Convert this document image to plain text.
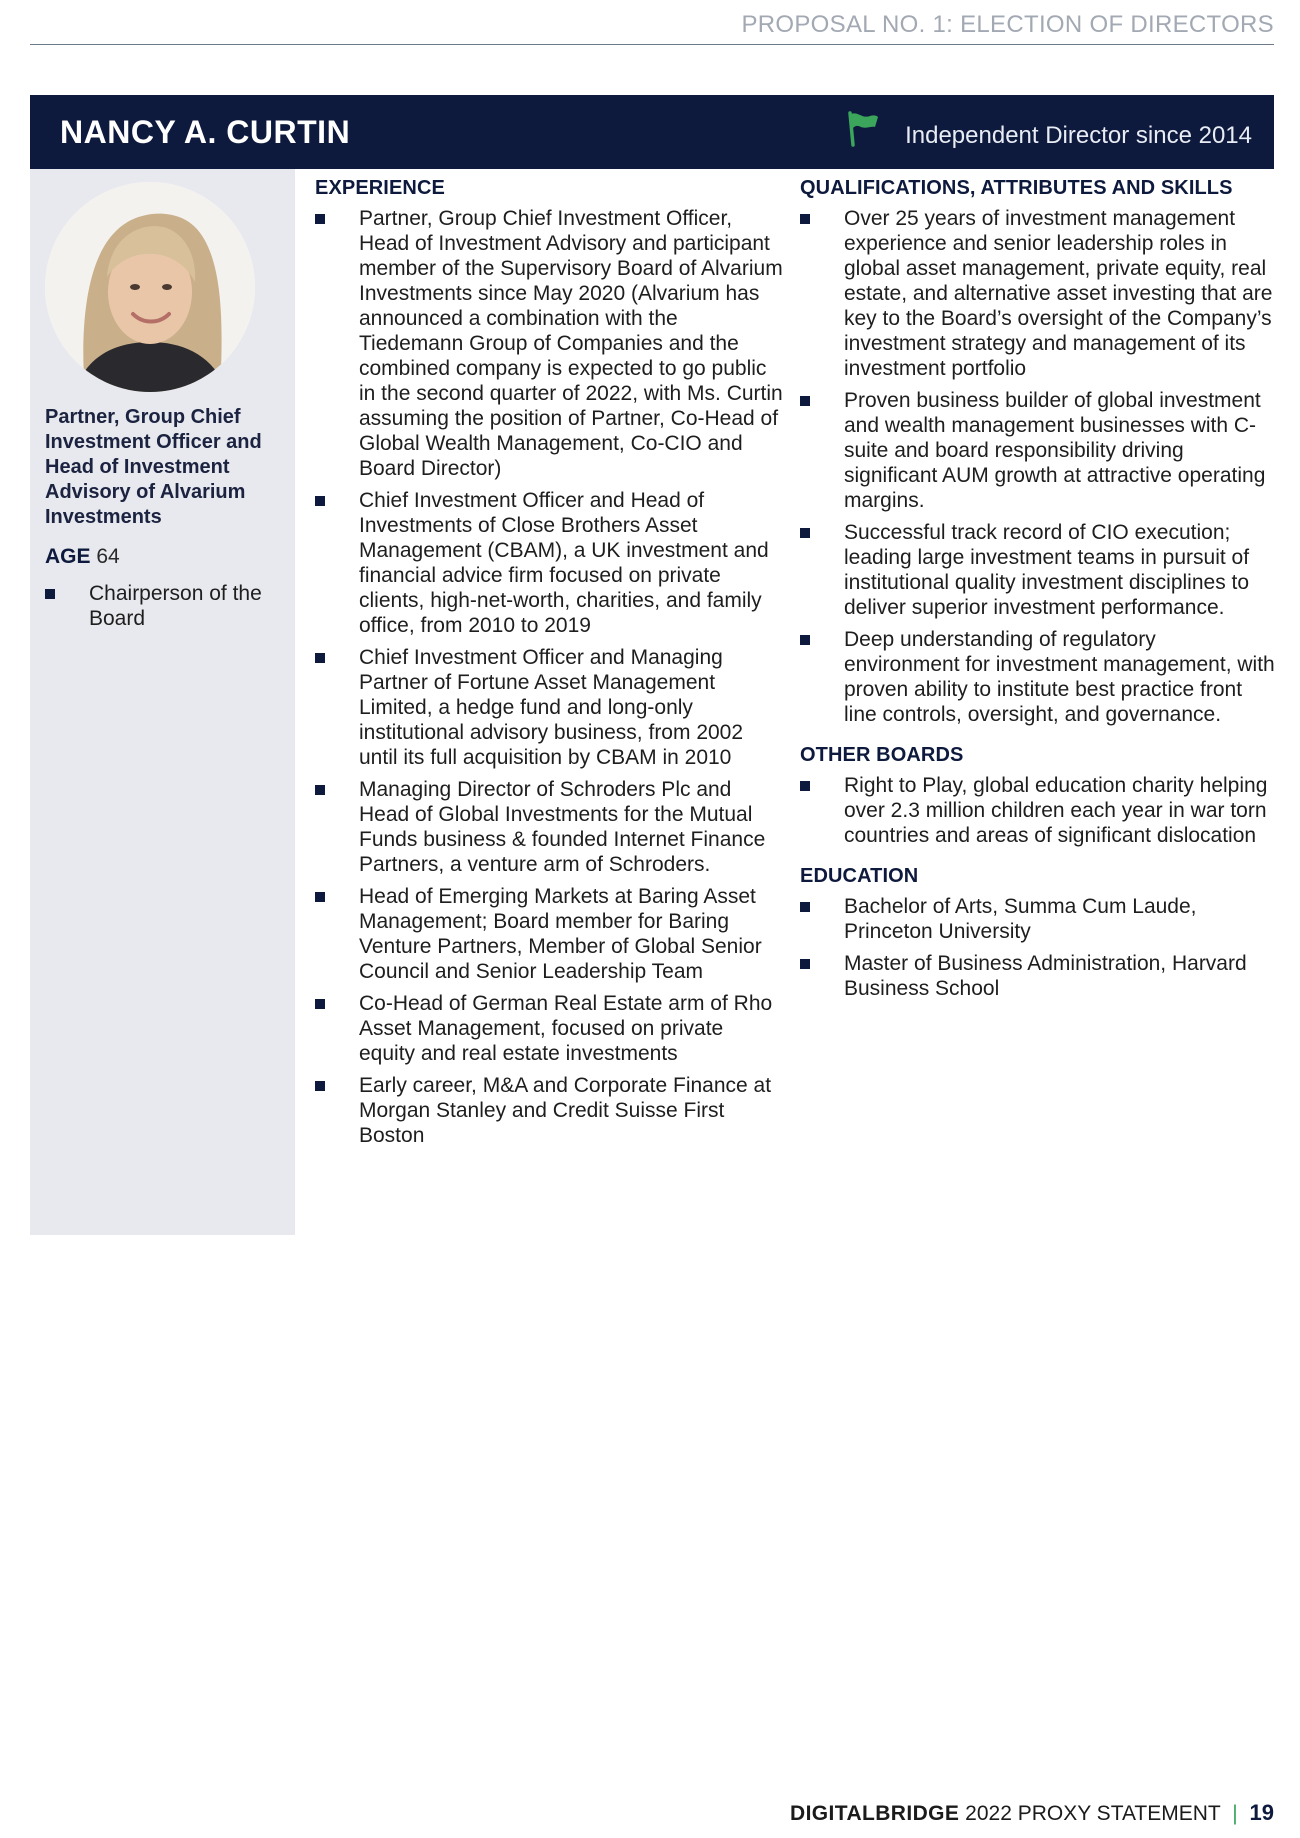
PROPOSAL NO. 1: ELECTION OF DIRECTORS
NANCY A. CURTIN	Independent Director since 2014
Partner, Group Chief Investment Officer and Head of Investment Advisory of Alvarium Investments
AGE 64
Chairperson of the Board
EXPERIENCE
Partner, Group Chief Investment Officer, Head of Investment Advisory and participant member of the Supervisory Board of Alvarium Investments since May 2020 (Alvarium has announced a combination with the Tiedemann Group of Companies and the combined company is expected to go public in the second quarter of 2022, with Ms. Curtin assuming the position of Partner, Co-Head of Global Wealth Management, Co-CIO and Board Director)
Chief Investment Officer and Head of Investments of Close Brothers Asset Management (CBAM), a UK investment and financial advice firm focused on private clients, high-net-worth, charities, and family office, from 2010 to 2019
Chief Investment Officer and Managing Partner of Fortune Asset Management Limited, a hedge fund and long-only institutional advisory business, from 2002 until its full acquisition by CBAM in 2010
Managing Director of Schroders Plc and Head of Global Investments for the Mutual Funds business & founded Internet Finance Partners, a venture arm of Schroders.
Head of Emerging Markets at Baring Asset Management; Board member for Baring Venture Partners, Member of Global Senior Council and Senior Leadership Team
Co-Head of German Real Estate arm of Rho Asset Management, focused on private equity and real estate investments
Early career, M&A and Corporate Finance at Morgan Stanley and Credit Suisse First Boston
QUALIFICATIONS, ATTRIBUTES AND SKILLS
Over 25 years of investment management experience and senior leadership roles in global asset management, private equity, real estate, and alternative asset investing that are key to the Board’s oversight of the Company’s investment strategy and management of its investment portfolio
Proven business builder of global investment and wealth management businesses with C-suite and board responsibility driving significant AUM growth at attractive operating margins.
Successful track record of CIO execution; leading large investment teams in pursuit of institutional quality investment disciplines to deliver superior investment performance.
Deep understanding of regulatory environment for investment management, with proven ability to institute best practice front line controls, oversight, and governance.
OTHER BOARDS
Right to Play, global education charity helping over 2.3 million children each year in war torn countries and areas of significant dislocation
EDUCATION
Bachelor of Arts, Summa Cum Laude, Princeton University
Master of Business Administration, Harvard Business School
DIGITALBRIDGE 2022 PROXY STATEMENT | 19
